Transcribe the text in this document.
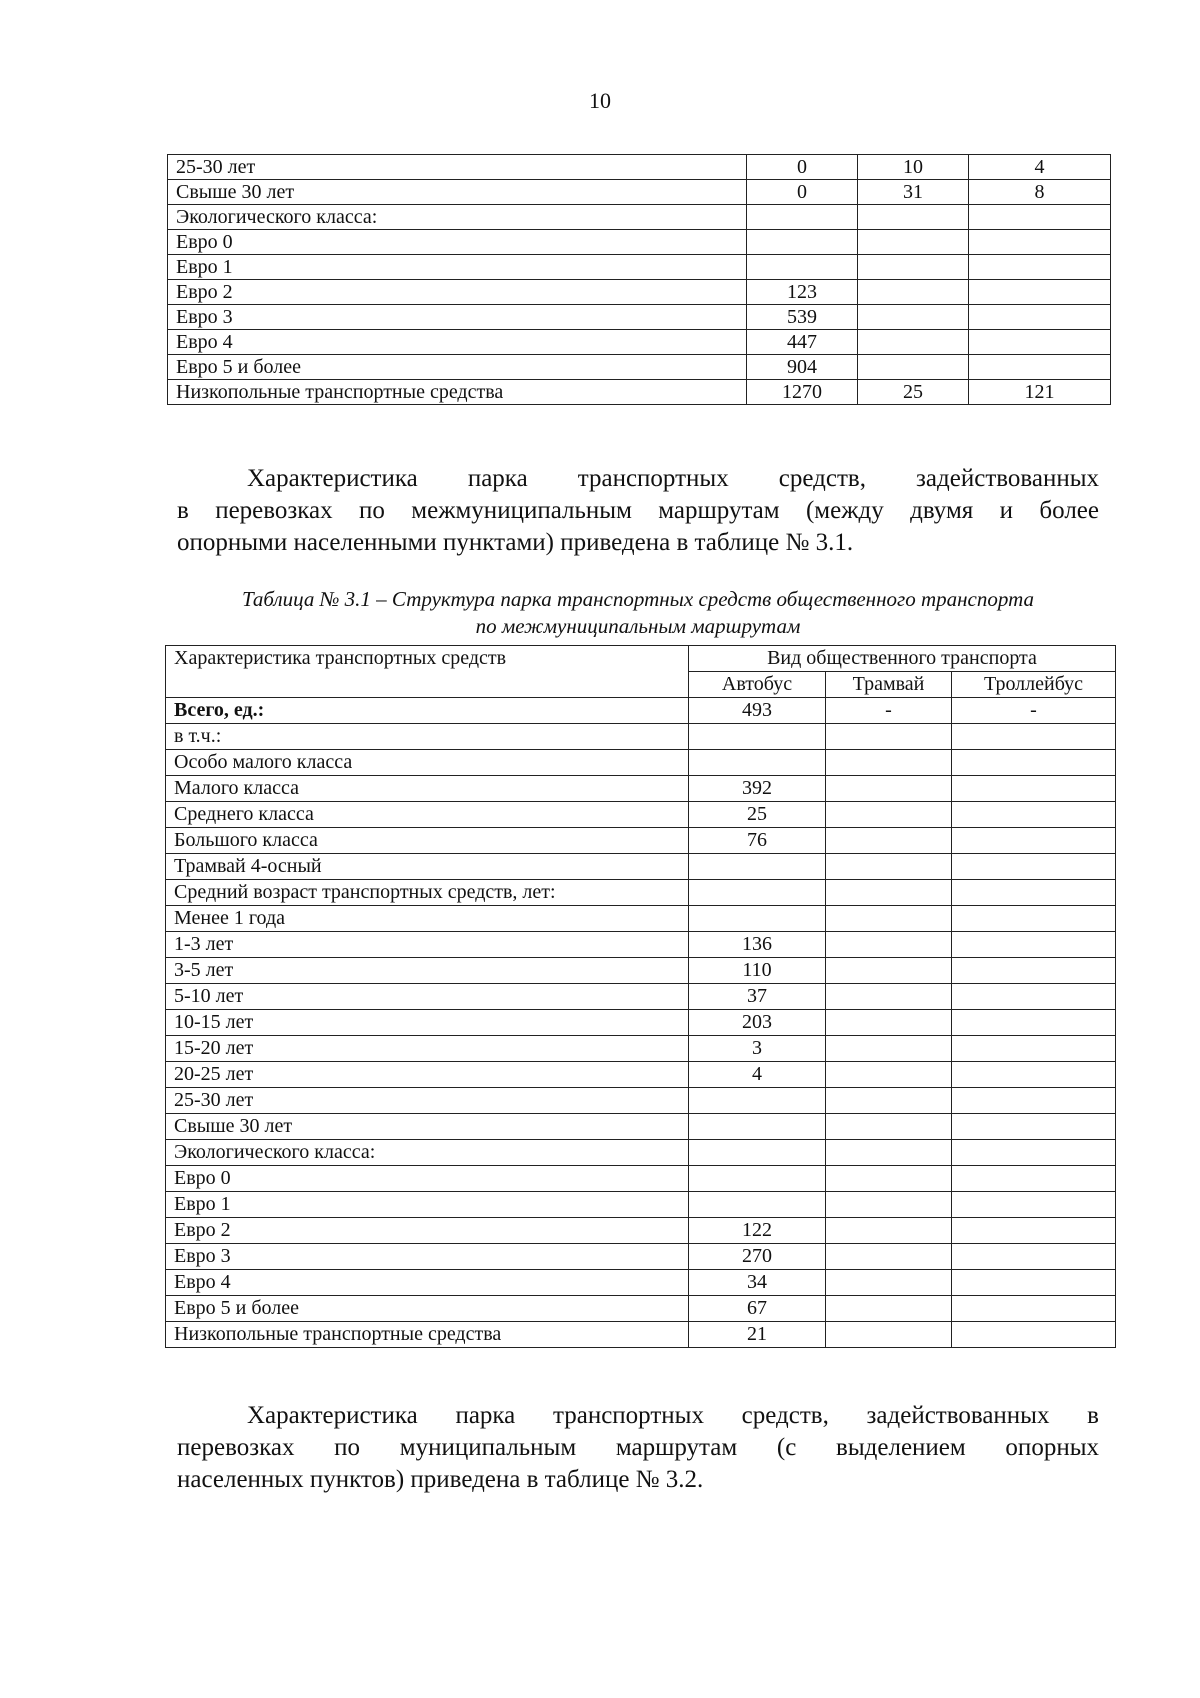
10
25-30 лет	0	10	4
Свыше 30 лет	0	31	8
Экологического класса:			
Евро 0			
Евро 1			
Евро 2	123		
Евро 3	539		
Евро 4	447		
Евро 5 и более	904		
Низкопольные транспортные средства	1270	25	121
Характеристика парка транспортных средств, задействованных
в перевозках по межмуниципальным маршрутам (между двумя и более
опорными населенными пунктами) приведена в таблице № 3.1.
Таблица № 3.1 – Структура парка транспортных средств общественного транспорта
по межмуниципальным маршрутам
Характеристика транспортных средств	Вид общественного транспорта		
	Автобус	Трамвай	Троллейбус
Всего, ед.:	493	-	-
в т.ч.:			
Особо малого класса			
Малого класса	392		
Среднего класса	25		
Большого класса	76		
Трамвай 4-осный			
Средний возраст транспортных средств, лет:			
Менее 1 года			
1-3 лет	136		
3-5 лет	110		
5-10 лет	37		
10-15 лет	203		
15-20 лет	3		
20-25 лет	4		
25-30 лет			
Свыше 30 лет			
Экологического класса:			
Евро 0			
Евро 1			
Евро 2	122		
Евро 3	270		
Евро 4	34		
Евро 5 и более	67		
Низкопольные транспортные средства	21		
Характеристика парка транспортных средств, задействованных в
перевозках по муниципальным маршрутам (с выделением опорных
населенных пунктов) приведена в таблице № 3.2.
